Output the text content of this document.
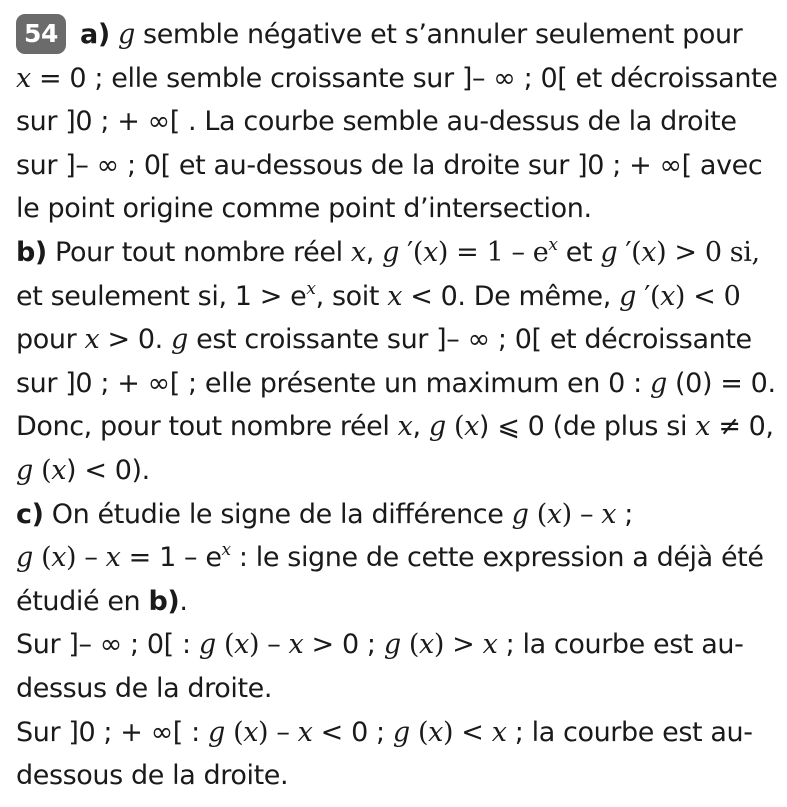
54 a) g semble négative et s’annuler seulement pour
x = 0 ; elle semble croissante sur ]– ∞ ; 0[ et décroissante
sur ]0 ; + ∞[ . La courbe semble au-dessus de la droite
sur ]– ∞ ; 0[ et au-dessous de la droite sur ]0 ; + ∞[ avec
le point origine comme point d’intersection.
b) Pour tout nombre réel x, g $'(x) = 1 - e^x$ et g ′(x) > 0 si,
et seulement si, $1 > e^x$, soit x < 0. De même, g ′(x) < 0
pour x > 0. g est croissante sur ]– ∞ ; 0[ et décroissante
sur ]0 ; + ∞[ ; elle présente un maximum en 0 : g (0) = 0.
Donc, pour tout nombre réel x, g (x) ⩽ 0 (de plus si x ≠ 0,
g (x) < 0).
c) On étudie le signe de la différence g (x) – x ;
g $(x) - x = 1 - e^x$ : le signe de cette expression a déjà été
étudié en b).
Sur ]– ∞ ; 0[ : g (x) – x > 0 ; g (x) > x ; la courbe est au-
dessus de la droite.
Sur ]0 ; + ∞[ : g (x) – x < 0 ; g (x) < x ; la courbe est au-
dessous de la droite.
